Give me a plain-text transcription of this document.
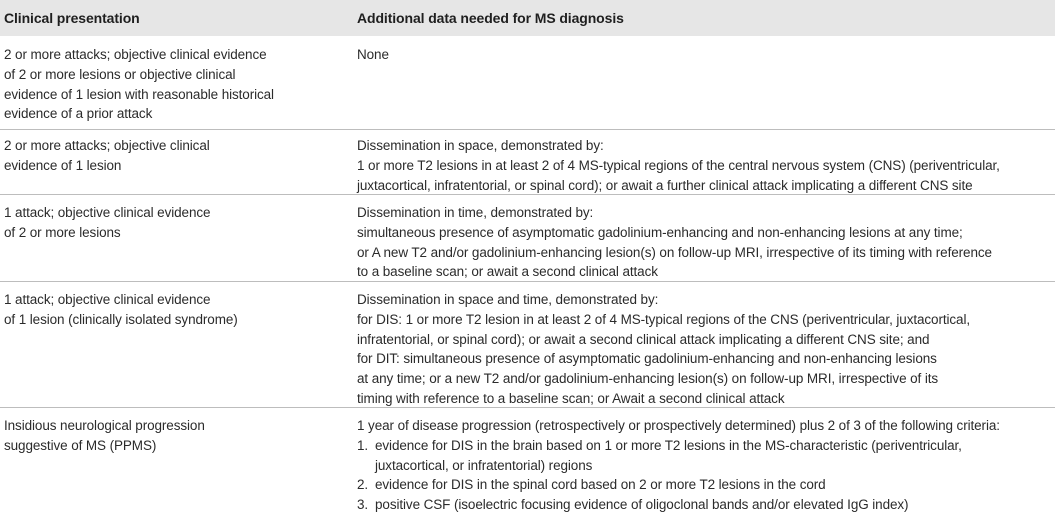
Clinical presentation	Additional data needed for MS diagnosis
2 or more attacks; objective clinical evidence
of 2 or more lesions or objective clinical
evidence of 1 lesion with reasonable historical
evidence of a prior attack
None
2 or more attacks; objective clinical
evidence of 1 lesion
Dissemination in space, demonstrated by:
1 or more T2 lesions in at least 2 of 4 MS-typical regions of the central nervous system (CNS) (periventricular,
juxtacortical, infratentorial, or spinal cord); or await a further clinical attack implicating a different CNS site
1 attack; objective clinical evidence
of 2 or more lesions
Dissemination in time, demonstrated by:
simultaneous presence of asymptomatic gadolinium-enhancing and non-enhancing lesions at any time;
or A new T2 and/or gadolinium-enhancing lesion(s) on follow-up MRI, irrespective of its timing with reference
to a baseline scan; or await a second clinical attack
1 attack; objective clinical evidence
of 1 lesion (clinically isolated syndrome)
Dissemination in space and time, demonstrated by:
for DIS: 1 or more T2 lesion in at least 2 of 4 MS-typical regions of the CNS (periventricular, juxtacortical,
infratentorial, or spinal cord); or await a second clinical attack implicating a different CNS site; and
for DIT: simultaneous presence of asymptomatic gadolinium-enhancing and non-enhancing lesions
at any time; or a new T2 and/or gadolinium-enhancing lesion(s) on follow-up MRI, irrespective of its
timing with reference to a baseline scan; or Await a second clinical attack
Insidious neurological progression
suggestive of MS (PPMS)
1 year of disease progression (retrospectively or prospectively determined) plus 2 of 3 of the following criteria:
1. evidence for DIS in the brain based on 1 or more T2 lesions in the MS-characteristic (periventricular,
juxtacortical, or infratentorial) regions
2. evidence for DIS in the spinal cord based on 2 or more T2 lesions in the cord
3. positive CSF (isoelectric focusing evidence of oligoclonal bands and/or elevated IgG index)
